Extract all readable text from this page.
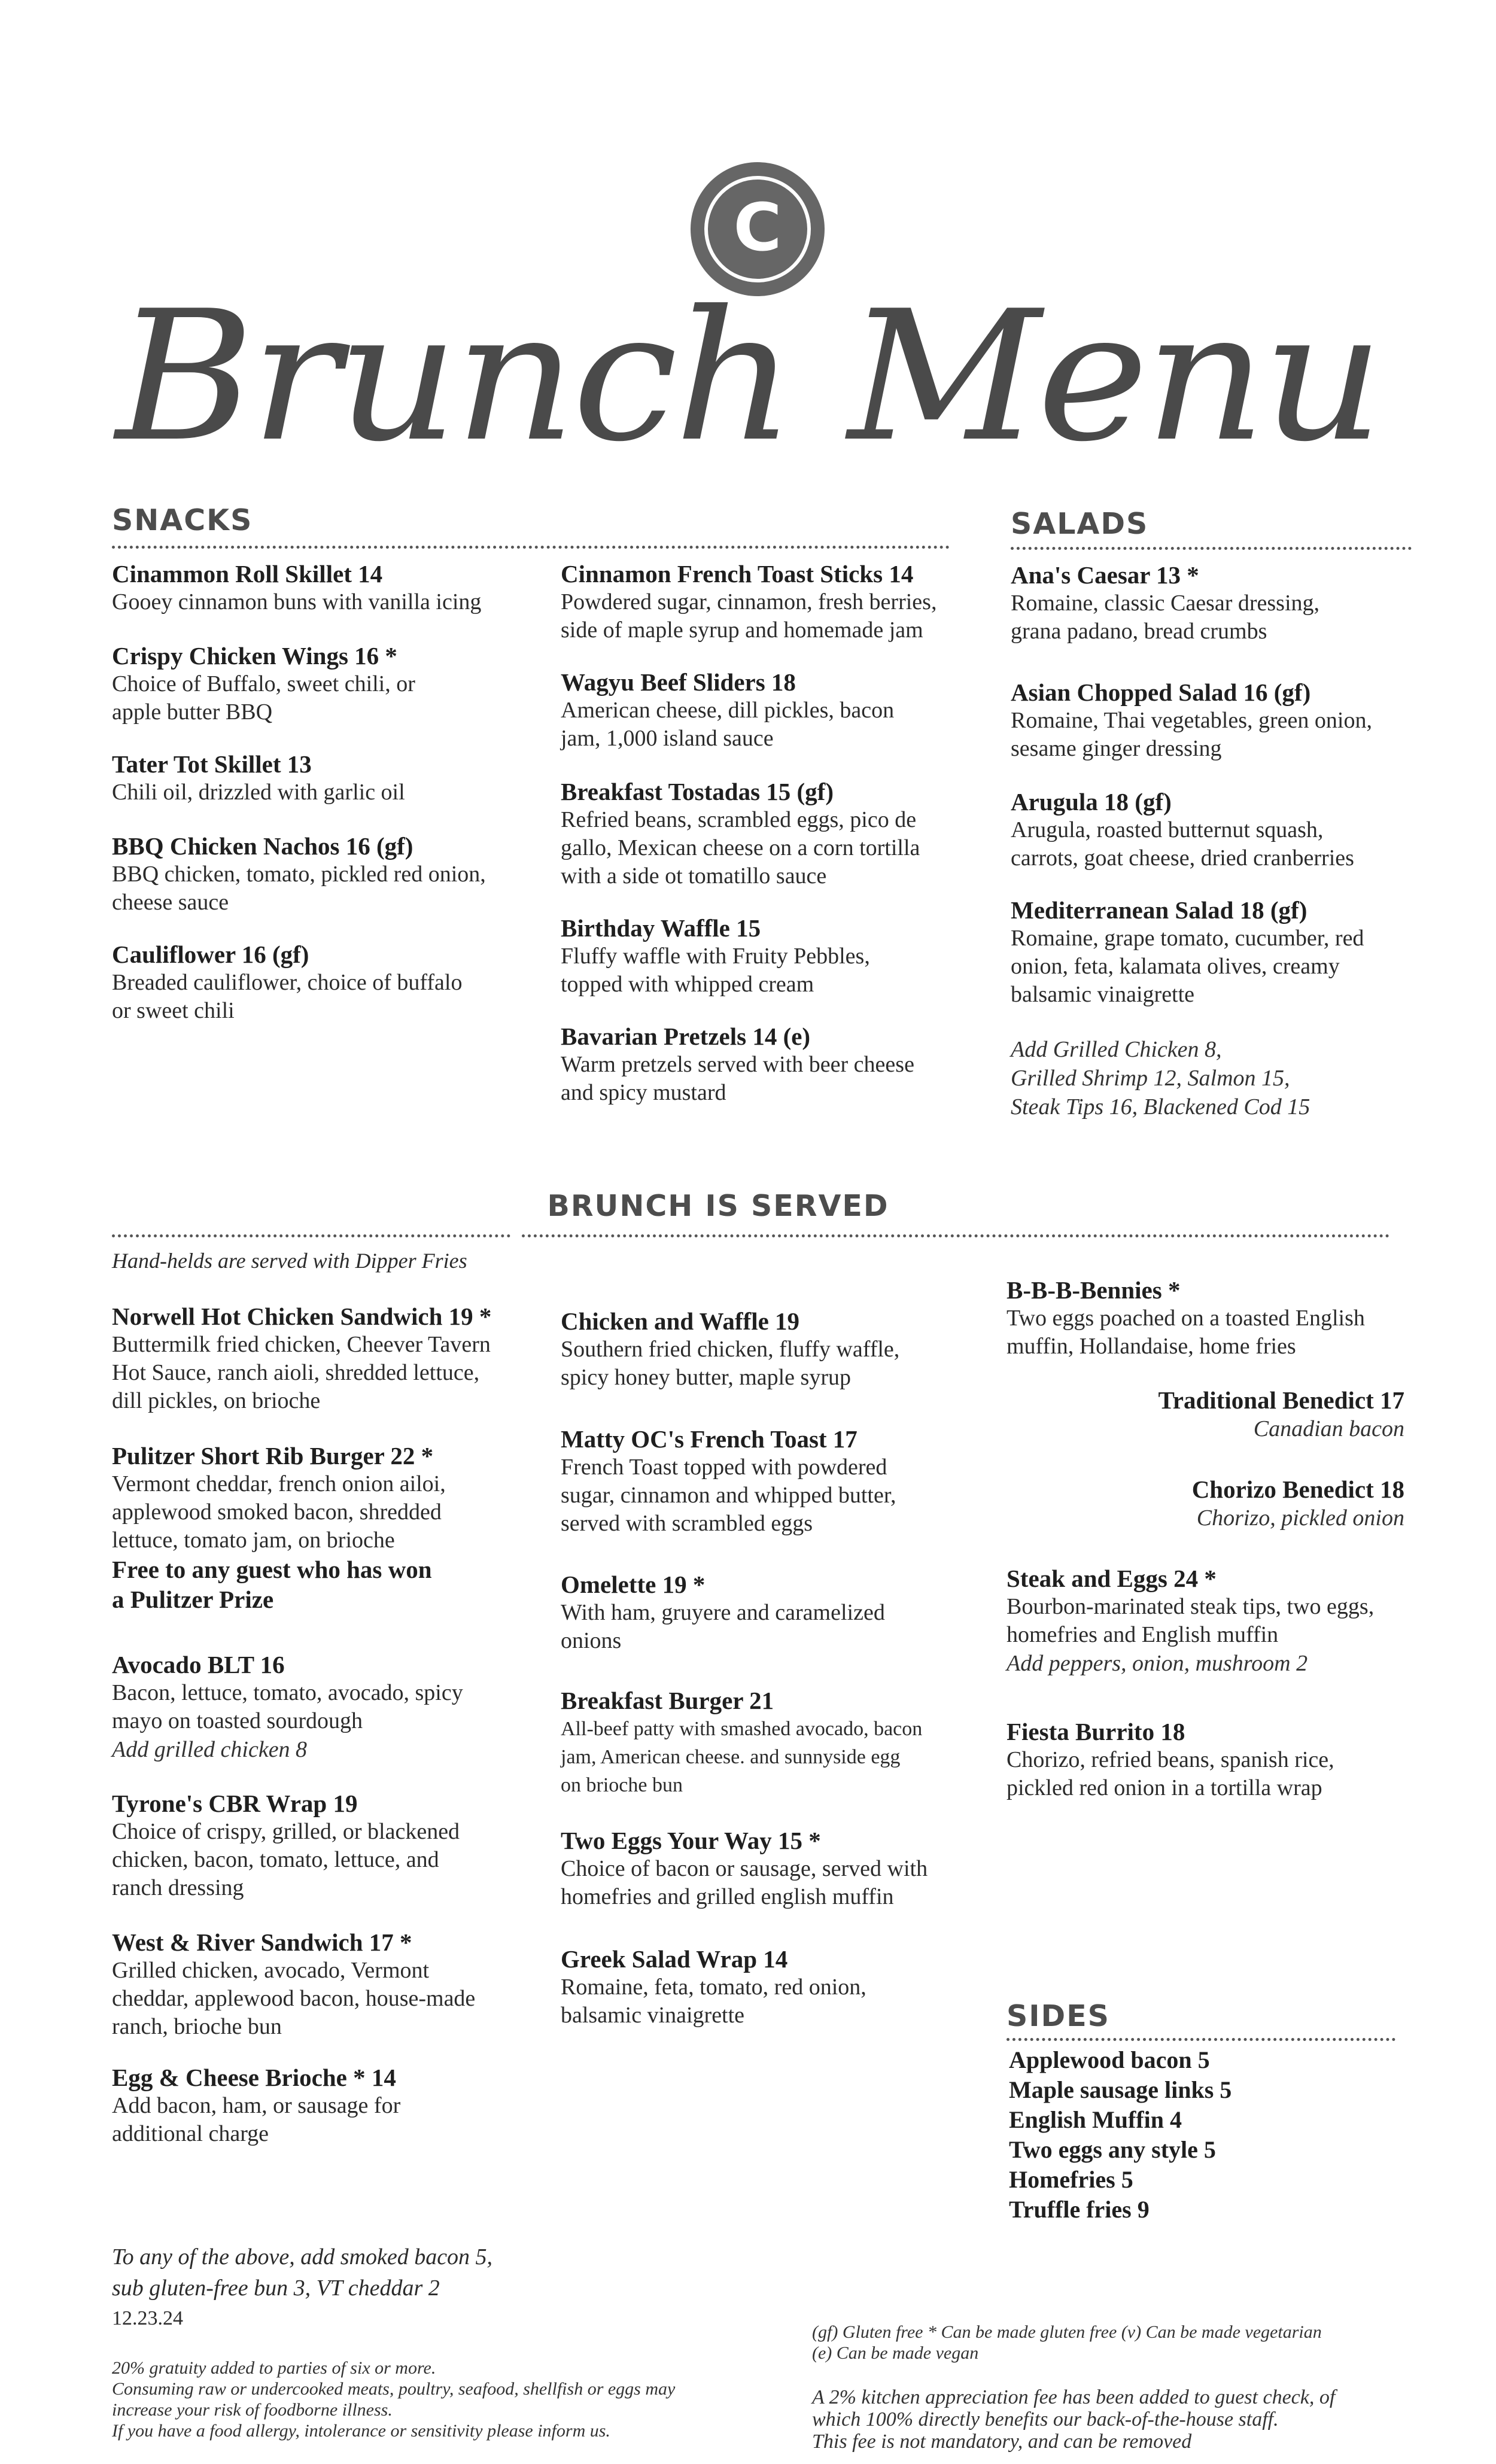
C
Brunch Menu
SNACKS
Cinammon Roll Skillet 14
Gooey cinnamon buns with vanilla icing
Crispy Chicken Wings 16 *
Choice of Buffalo, sweet chili, or
apple butter BBQ
Tater Tot Skillet 13
Chili oil, drizzled with garlic oil
BBQ Chicken Nachos 16 (gf)
BBQ chicken, tomato, pickled red onion,
cheese sauce
Cauliflower 16 (gf)
Breaded cauliflower, choice of buffalo
or sweet chili
Cinnamon French Toast Sticks 14
Powdered sugar, cinnamon, fresh berries,
side of maple syrup and homemade jam
Wagyu Beef Sliders 18
American cheese, dill pickles, bacon
jam, 1,000 island sauce
Breakfast Tostadas 15 (gf)
Refried beans, scrambled eggs, pico de
gallo, Mexican cheese on a corn tortilla
with a side ot tomatillo sauce
Birthday Waffle 15
Fluffy waffle with Fruity Pebbles,
topped with whipped cream
Bavarian Pretzels 14 (e)
Warm pretzels served with beer cheese
and spicy mustard
SALADS
Ana's Caesar 13 *
Romaine, classic Caesar dressing,
grana padano, bread crumbs
Asian Chopped Salad 16 (gf)
Romaine, Thai vegetables, green onion,
sesame ginger dressing
Arugula 18 (gf)
Arugula, roasted butternut squash,
carrots, goat cheese, dried cranberries
Mediterranean Salad 18 (gf)
Romaine, grape tomato, cucumber, red
onion, feta, kalamata olives, creamy
balsamic vinaigrette
Add Grilled Chicken 8,
Grilled Shrimp 12, Salmon 15,
Steak Tips 16, Blackened Cod 15
BRUNCH IS SERVED
Hand-helds are served with Dipper Fries
Norwell Hot Chicken Sandwich 19 *
Buttermilk fried chicken, Cheever Tavern
Hot Sauce, ranch aioli, shredded lettuce,
dill pickles, on brioche
Pulitzer Short Rib Burger 22 *
Vermont cheddar, french onion ailoi,
applewood smoked bacon, shredded
lettuce, tomato jam, on brioche
Free to any guest who has won
a Pulitzer Prize
Avocado BLT 16
Bacon, lettuce, tomato, avocado, spicy
mayo on toasted sourdough
Add grilled chicken 8
Tyrone's CBR Wrap 19
Choice of crispy, grilled, or blackened
chicken, bacon, tomato, lettuce, and
ranch dressing
West & River Sandwich 17 *
Grilled chicken, avocado, Vermont
cheddar, applewood bacon, house-made
ranch, brioche bun
Egg & Cheese Brioche * 14
Add bacon, ham, or sausage for
additional charge
Chicken and Waffle 19
Southern fried chicken, fluffy waffle,
spicy honey butter, maple syrup
Matty OC's French Toast 17
French Toast topped with powdered
sugar, cinnamon and whipped butter,
served with scrambled eggs
Omelette 19 *
With ham, gruyere and caramelized
onions
Breakfast Burger 21
All-beef patty with smashed avocado, bacon
jam, American cheese. and sunnyside egg
on brioche bun
Two Eggs Your Way 15 *
Choice of bacon or sausage, served with
homefries and grilled english muffin
Greek Salad Wrap 14
Romaine, feta, tomato, red onion,
balsamic vinaigrette
B-B-B-Bennies *
Two eggs poached on a toasted English
muffin, Hollandaise, home fries
Traditional Benedict 17
Canadian bacon
Chorizo Benedict 18
Chorizo, pickled onion
Steak and Eggs 24 *
Bourbon-marinated steak tips, two eggs,
homefries and English muffin
Add peppers, onion, mushroom 2
Fiesta Burrito 18
Chorizo, refried beans, spanish rice,
pickled red onion in a tortilla wrap
SIDES
Applewood bacon 5
Maple sausage links 5
English Muffin 4
Two eggs any style 5
Homefries 5
Truffle fries 9
To any of the above, add smoked bacon 5,
sub gluten-free bun 3, VT cheddar 2
12.23.24
20% gratuity added to parties of six or more.
Consuming raw or undercooked meats, poultry, seafood, shellfish or eggs may
increase your risk of foodborne illness.
If you have a food allergy, intolerance or sensitivity please inform us.
(gf) Gluten free * Can be made gluten free (v) Can be made vegetarian
(e) Can be made vegan
A 2% kitchen appreciation fee has been added to guest check, of
which 100% directly benefits our back-of-the-house staff.
This fee is not mandatory, and can be removed
